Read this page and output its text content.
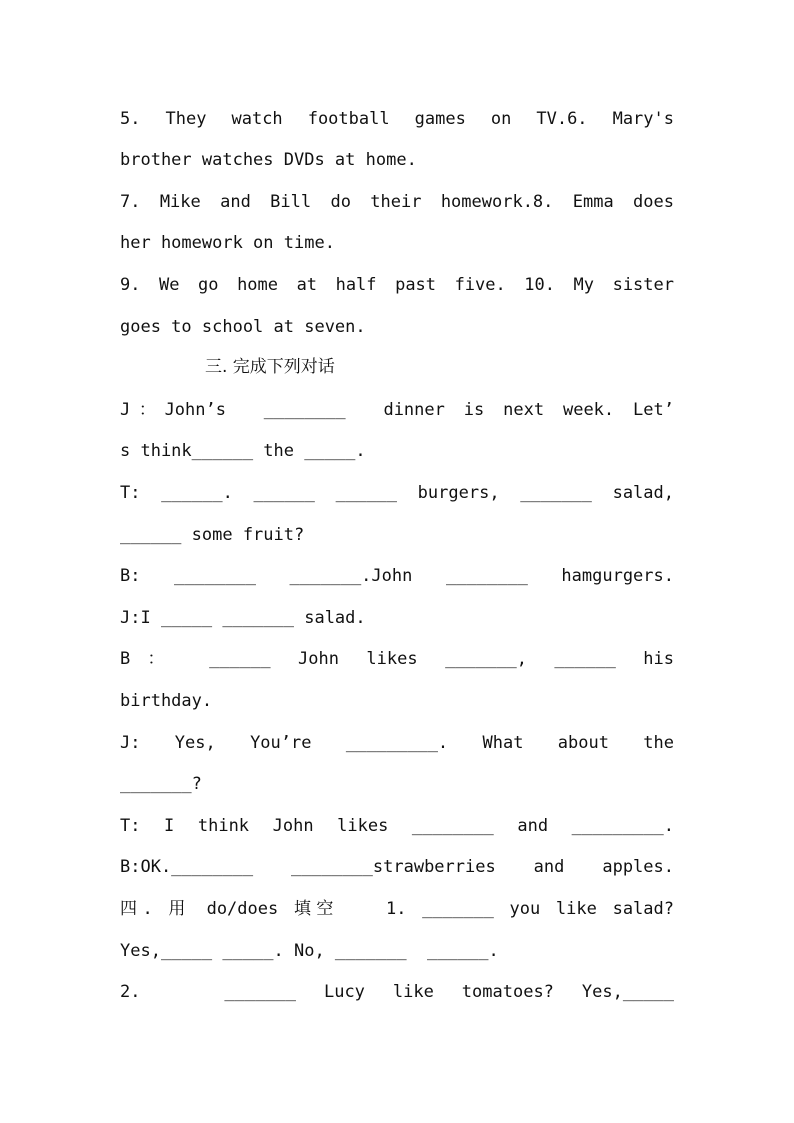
5. They watch football games on TV.6. Mary's
brother watches DVDs at home.
7. Mike and Bill do their homework.8. Emma does
her homework on time.
9. We go home at half past five. 10. My sister
goes to school at seven.
三. 完成下列对话
J：John’s  ________  dinner is next week. Let’
s think______ the _____.
T: ______. ______ ______ burgers, _______ salad,
______ some fruit?
B: ________ _______.John ________ hamgurgers.
J:I _____ _______ salad.
B： ______ John likes _______, ______ his
birthday.
J: Yes, You’re _________. What about the
_______?
T: I think John likes ________ and _________.
B:OK.________ ________strawberries and apples.
四. 用 do/does 填空   1. _______ you like salad?
Yes,_____ _____. No, _______  ______.
2.   _______ Lucy like tomatoes? Yes,_____
